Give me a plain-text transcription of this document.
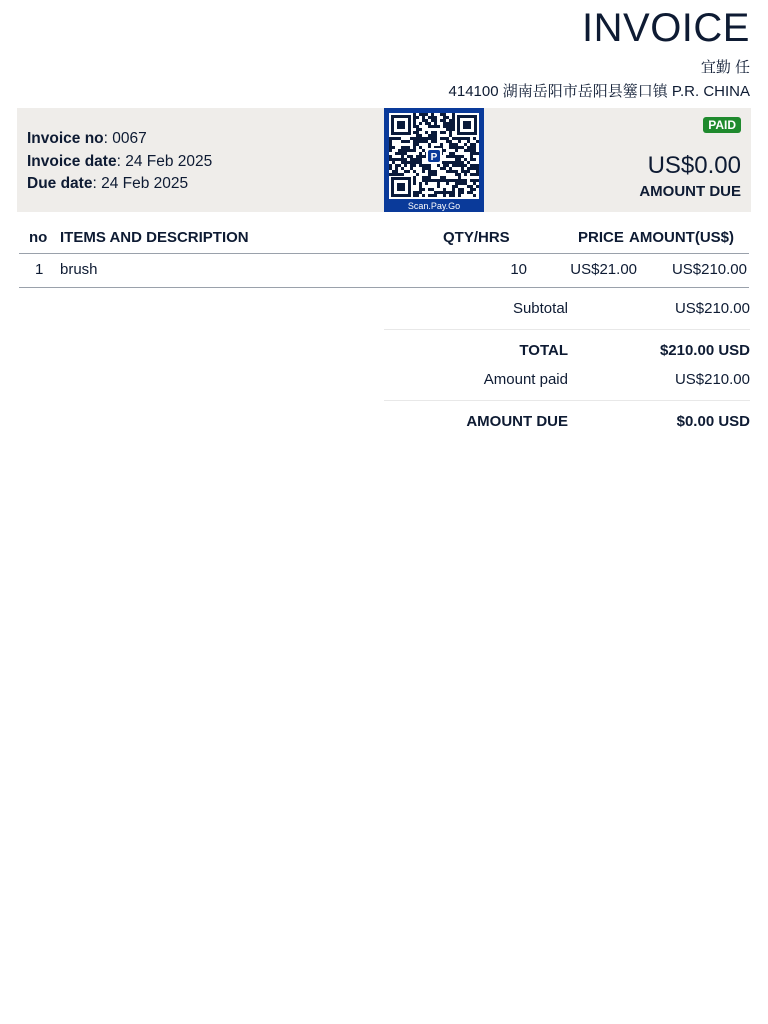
INVOICE
宜勤 任
414100 湖南岳阳市岳阳县簺口镇 P.R. CHINA
Invoice no: 0067
Invoice date: 24 Feb 2025
Due date: 24 Feb 2025
P
Scan.Pay.Go
PAID
US$0.00
AMOUNT DUE
no ITEMS AND DESCRIPTION	QTY/HRS	PRICE AMOUNT(US$)
1 brush	10	US$21.00 US$210.00
Subtotal	US$210.00
TOTAL	$210.00 USD
Amount paid	US$210.00
AMOUNT DUE	$0.00 USD
